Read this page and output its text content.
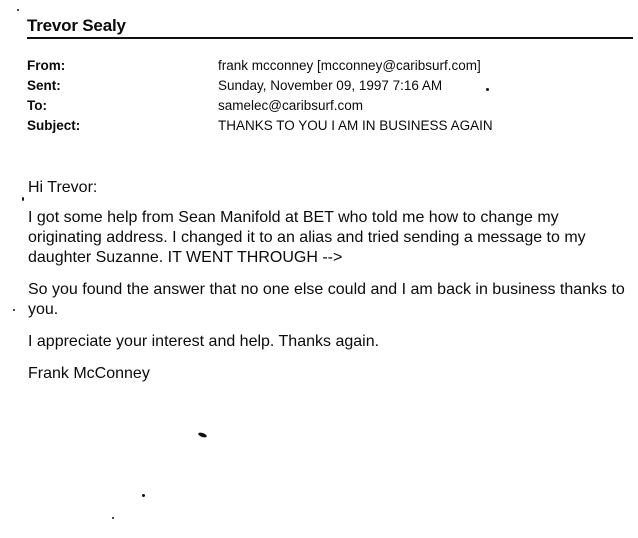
Trevor Sealy
From:	frank mcconney [mcconney@caribsurf.com]
Sent:	Sunday, November 09, 1997 7:16 AM
To:	samelec@caribsurf.com
Subject:	THANKS TO YOU I AM IN BUSINESS AGAIN

Hi Trevor:

I got some help from Sean Manifold at BET who told me how to change my originating address. I changed it to an alias and tried sending a message to my daughter Suzanne. IT WENT THROUGH -->

So you found the answer that no one else could and I am back in business thanks to you.

I appreciate your interest and help. Thanks again.

Frank McConney
